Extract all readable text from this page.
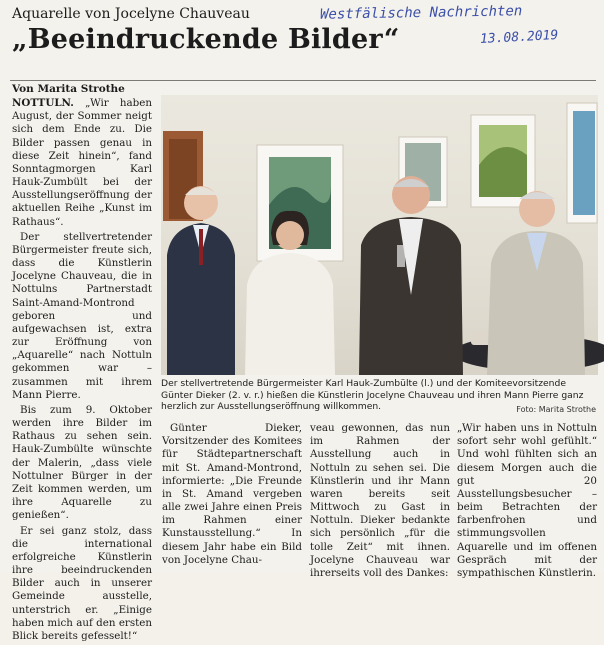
Aquarelle von Jocelyne Chauveau
„Beeindruckende Bilder“
Westfälische Nachrichten
13.08.2019
Von Marita Strothe

NOTTULN. „Wir haben August, der Sommer neigt sich dem Ende zu. Die Bilder passen genau in diese Zeit hinein“, fand Sonntagmorgen Karl Hauk-Zumbült bei der Ausstellungseröffnung der aktuellen Reihe „Kunst im Rathaus“.

Der stellvertretender Bürgermeister freute sich, dass die Künstlerin Jocelyne Chauveau, die in Nottulns Partnerstadt Saint-Amand-Montrond geboren und aufgewachsen ist, extra zur Eröffnung von „Aquarelle“ nach Nottuln gekommen war – zusammen mit ihrem Mann Pierre.

Bis zum 9. Oktober werden ihre Bilder im Rathaus zu sehen sein. Hauk-Zumbülte wünschte der Malerin, „dass viele Nottulner Bürger in der Zeit kommen werden, um ihre Aquarelle zu genießen“.

Er sei ganz stolz, dass die international erfolgreiche Künstlerin ihre beeindruckenden Bilder auch in unserer Gemeinde ausstelle, unterstrich er. „Einige haben mich auf den ersten Blick bereits gefesselt!“

Der stellvertretende Bürgermeister Karl Hauk-Zumbülte (l.) und der Komiteevorsitzende Günter Dieker (2. v. r.) hießen die Künstlerin Jocelyne Chauveau und ihren Mann Pierre ganz herzlich zur Ausstellungseröffnung willkommen.	Foto: Marita Strothe

Günter Dieker, Vorsitzender des Komitees für Städtepartnerschaft mit St. Amand-Montrond, informierte: „Die Freunde in St. Amand vergeben alle zwei Jahre einen Preis im Rahmen einer Kunstausstellung.“ In diesem Jahr habe ein Bild von Jocelyne Chau-

veau gewonnen, das nun im Rahmen der Ausstellung auch in Nottuln zu sehen sei. Die Künstlerin und ihr Mann waren bereits seit Mittwoch zu Gast in Nottuln. Dieker bedankte sich persönlich „für die tolle Zeit“ mit ihnen. Jocelyne Chauveau war ihrerseits voll des Dankes:

„Wir haben uns in Nottuln sofort sehr wohl gefühlt.“ Und wohl fühlten sich an diesem Morgen auch die gut 20 Ausstellungsbesucher – beim Betrachten der farbenfrohen und stimmungsvollen Aquarelle und im offenen Gespräch mit der sympathischen Künstlerin.
